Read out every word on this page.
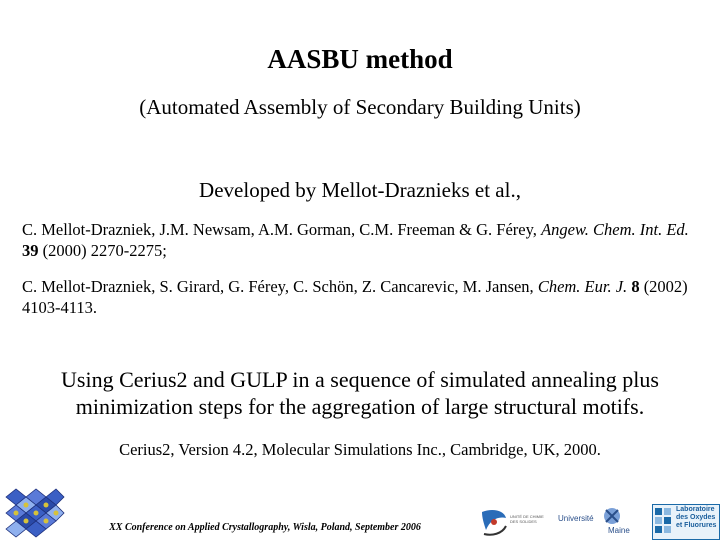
AASBU method
(Automated Assembly of Secondary Building Units)
Developed by Mellot-Draznieks et al.,
C. Mellot-Drazniek, J.M. Newsam, A.M. Gorman, C.M. Freeman & G. Férey, Angew. Chem. Int. Ed. 39 (2000) 2270-2275;
C. Mellot-Drazniek, S. Girard, G. Férey, C. Schön, Z. Cancarevic, M. Jansen, Chem. Eur. J. 8 (2002) 4103-4113.
Using Cerius2 and GULP in a sequence of simulated annealing plus
minimization steps for the aggregation of large structural motifs.
Cerius2, Version 4.2, Molecular Simulations Inc., Cambridge, UK, 2000.
XX Conference on Applied Crystallography, Wisla, Poland, September 2006
UNITÉ DE CHIMIE DES SOLIDES	Université
Maine
Laboratoire des Oxydes et Fluorures
